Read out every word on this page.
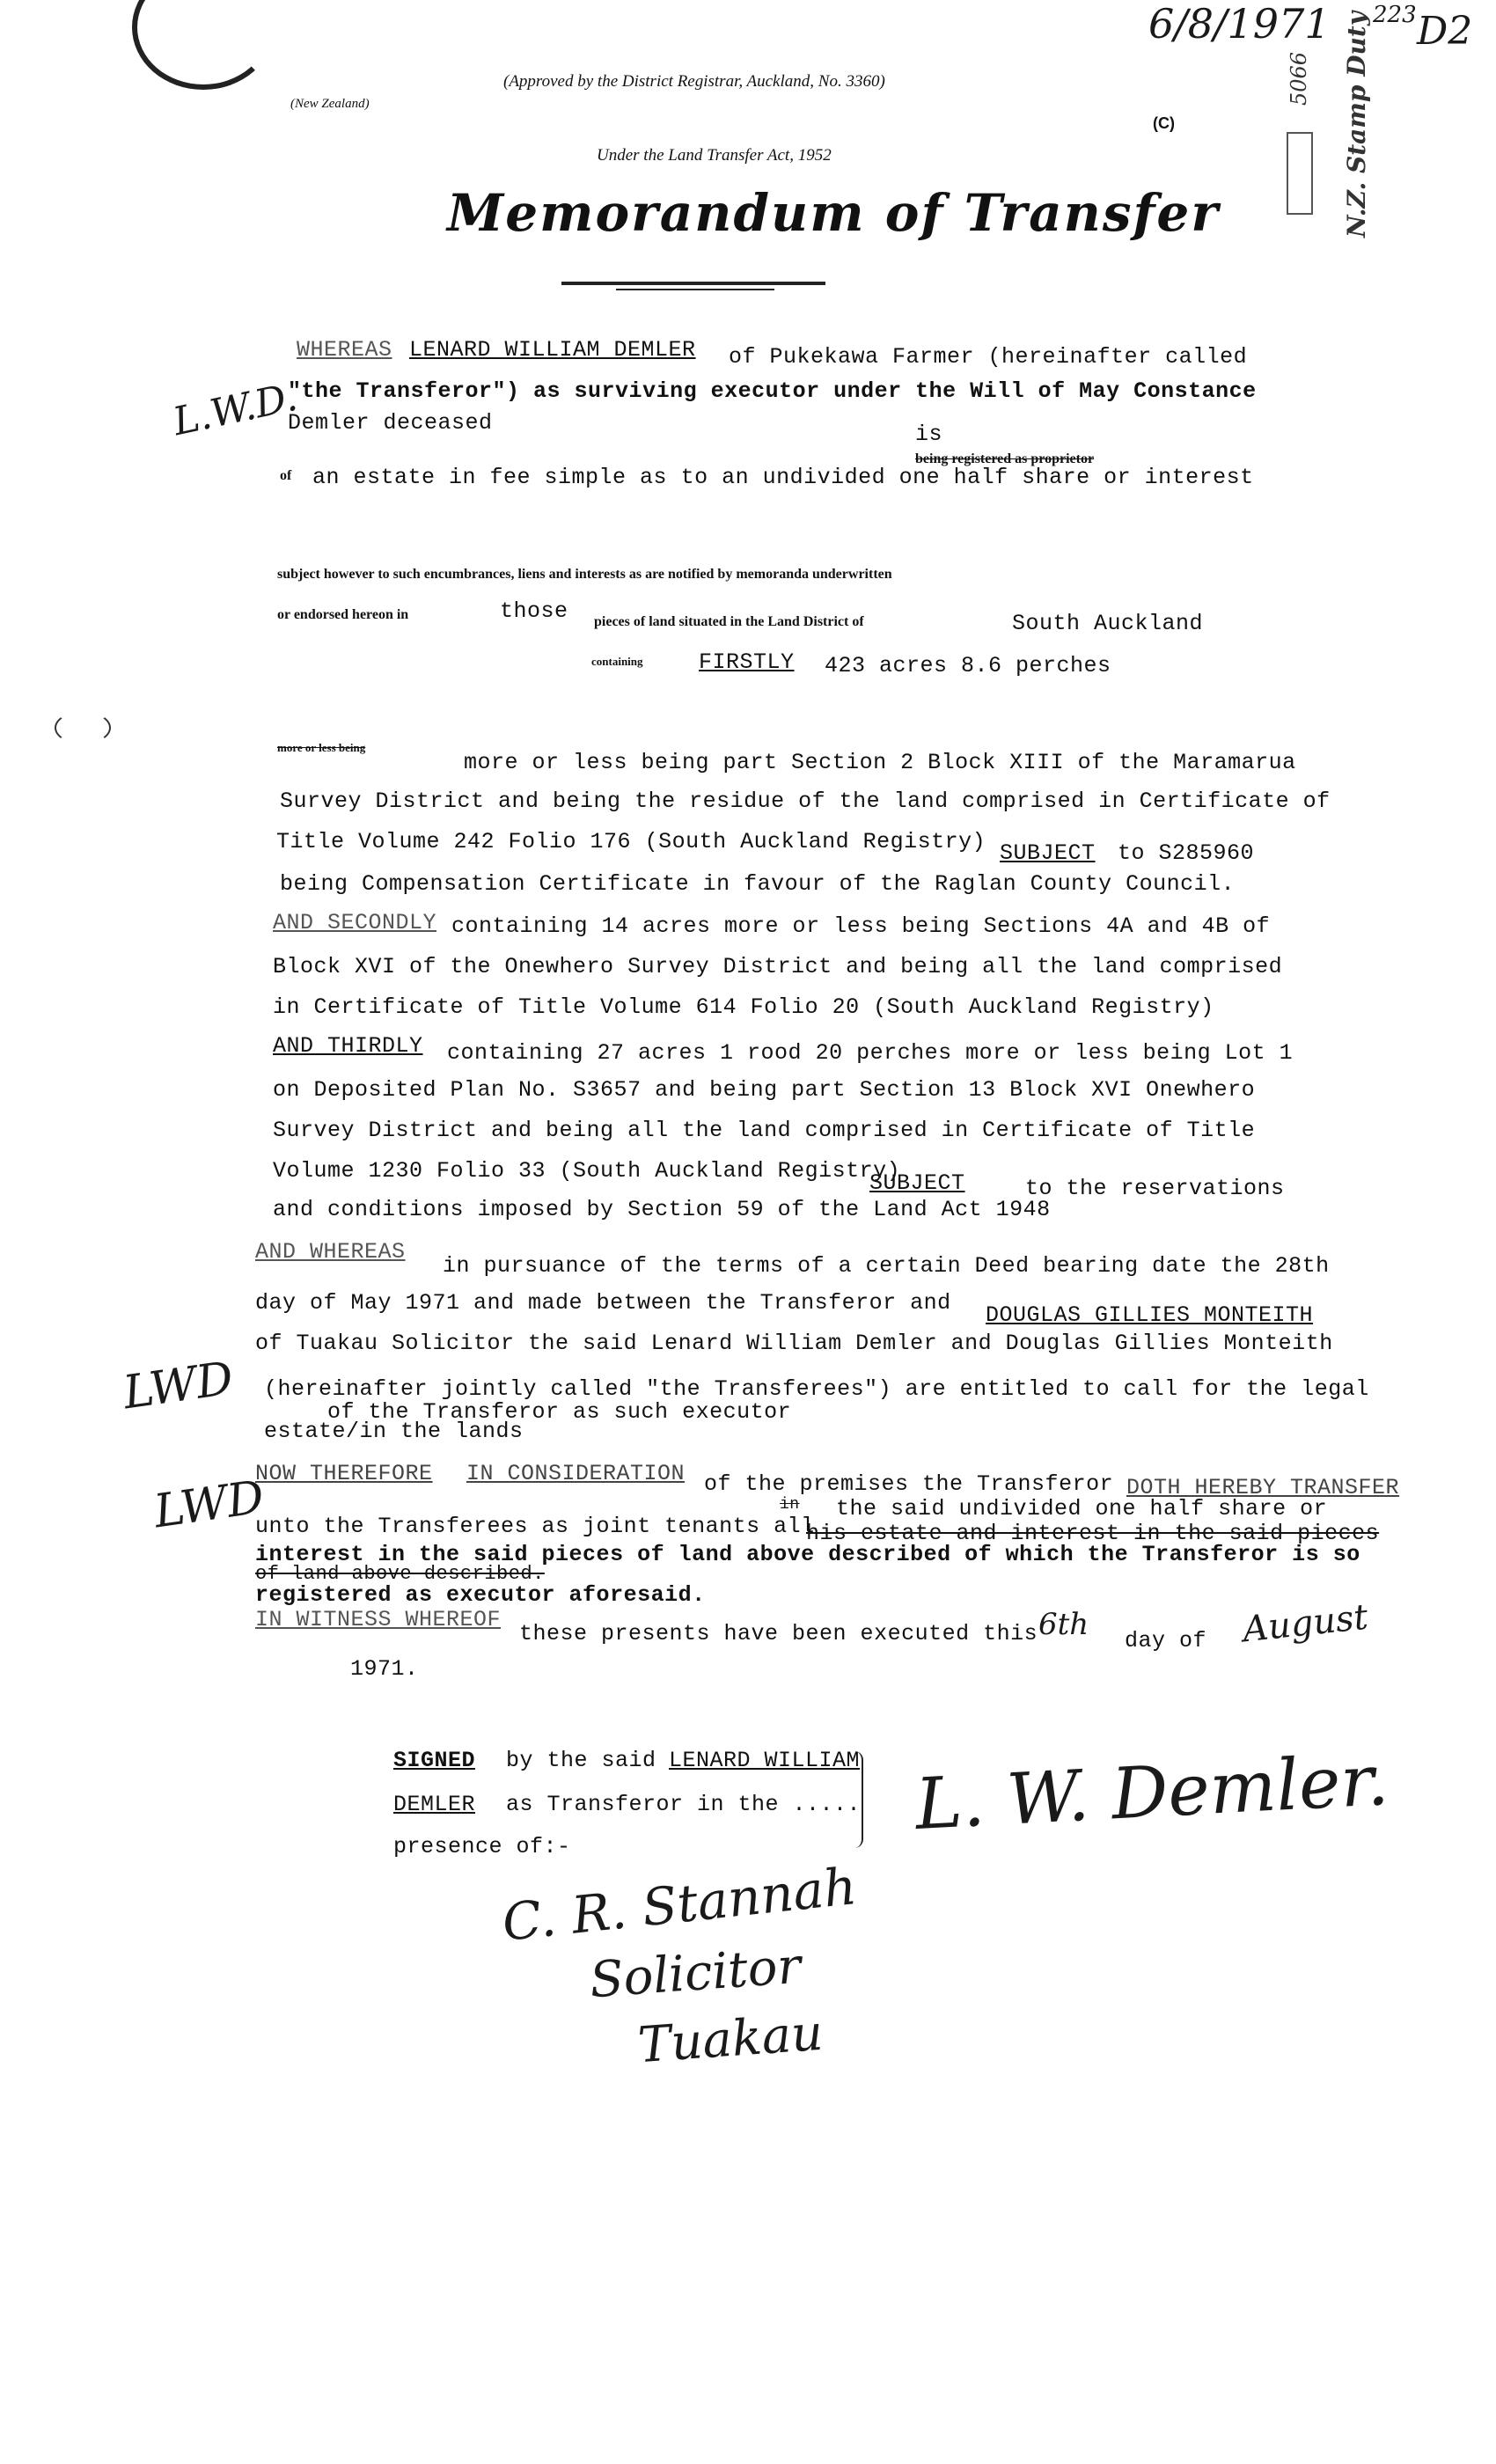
6/8/1971 223 D2
5066 N.Z. Stamp Duty
(Approved by the District Registrar, Auckland, No. 3360)
(New Zealand)
(C)
Under the Land Transfer Act, 1952
Memorandum of Transfer
WHEREAS LENARD WILLIAM DEMLER of Pukekawa Farmer (hereinafter called
"the Transferor") as surviving executor under the Will of May Constance
Demler deceased
L.W.D.	is
being registered as proprietor
of an estate in fee simple as to an undivided one half share or interest
subject however to such encumbrances, liens and interests as are notified by memoranda underwritten
or endorsed hereon in	those pieces of land situated in the Land District of	South Auckland
containing	FIRSTLY 423 acres 8.6 perches
more or less being
more or less being part Section 2 Block XIII of the Maramarua
Survey District and being the residue of the land comprised in Certificate of
Title Volume 242 Folio 176 (South Auckland Registry) SUBJECT to S285960
being Compensation Certificate in favour of the Raglan County Council.
AND SECONDLY containing 14 acres more or less being Sections 4A and 4B of
Block XVI of the Onewhero Survey District and being all the land comprised
in Certificate of Title Volume 614 Folio 20 (South Auckland Registry)
AND THIRDLY containing 27 acres 1 rood 20 perches more or less being Lot 1
on Deposited Plan No. S3657 and being part Section 13 Block XVI Onewhero
Survey District and being all the land comprised in Certificate of Title
Volume 1230 Folio 33 (South Auckland Registry)
SUBJECT	to the reservations
and conditions imposed by Section 59 of the Land Act 1948
AND WHEREAS
in pursuance of the terms of a certain Deed bearing date the 28th
day of May 1971 and made between the Transferor and DOUGLAS GILLIES MONTEITH
of Tuakau Solicitor the said Lenard William Demler and Douglas Gillies Monteith
(hereinafter jointly called "the Transferees") are entitled to call for the legal
of the Transferor as such executor
estate/in the lands
LWD
LWD
NOW THEREFORE IN CONSIDERATION of the premises the Transferor DOTH HEREBY TRANSFER
in the said undivided one half share or
unto the Transferees as joint tenants all
his estate and interest in the said pieces
interest in the said pieces of land above described of which the Transferor is so
of land above described.
registered as executor aforesaid.
IN WITNESS WHEREOF
these presents have been executed this 6th day of August
1971.
SIGNED by the said LENARD WILLIAM
DEMLER as Transferor in the .....
presence of:-
L. W. Demler.
C. R. Stannah
Solicitor
Tuakau
